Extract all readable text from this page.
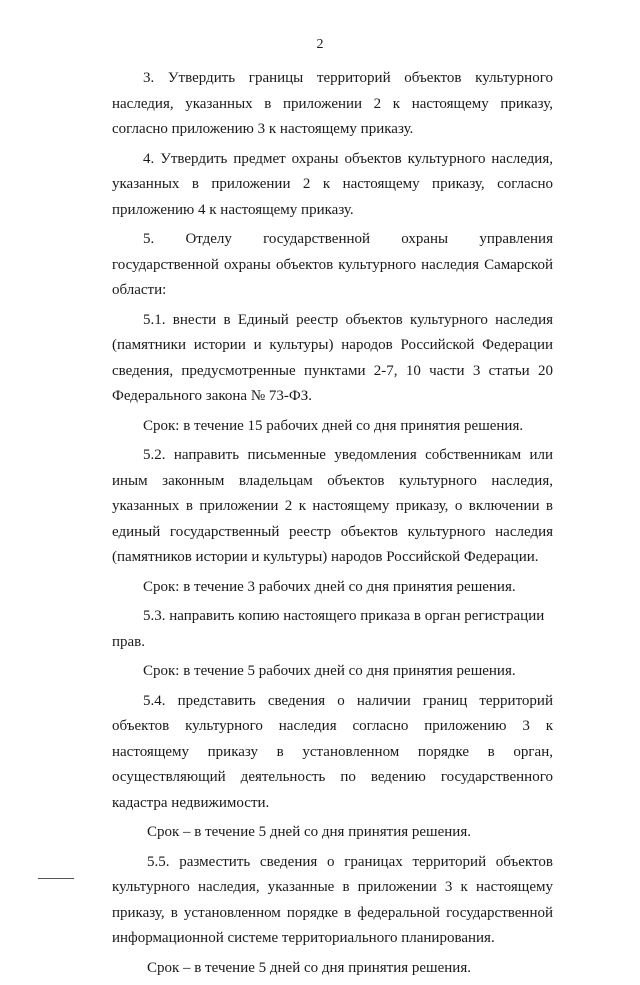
2

3. Утвердить границы территорий объектов культурного наследия, указанных в приложении 2 к настоящему приказу, согласно приложению 3 к настоящему приказу.

4. Утвердить предмет охраны объектов культурного наследия, указанных в приложении 2 к настоящему приказу, согласно приложению 4 к настоящему приказу.

5. Отделу государственной охраны управления государственной охраны объектов культурного наследия Самарской области:

5.1. внести в Единый реестр объектов культурного наследия (памятники истории и культуры) народов Российской Федерации сведения, предусмотренные пунктами 2-7, 10 части 3 статьи 20 Федерального закона № 73-ФЗ.

Срок: в течение 15 рабочих дней со дня принятия решения.

5.2. направить письменные уведомления собственникам или иным законным владельцам объектов культурного наследия, указанных в приложении 2 к настоящему приказу, о включении в единый государственный реестр объектов культурного наследия (памятников истории и культуры) народов Российской Федерации.

Срок: в течение 3 рабочих дней со дня принятия решения.

5.3. направить копию настоящего приказа в орган регистрации прав.

Срок: в течение 5 рабочих дней со дня принятия решения.

5.4. представить сведения о наличии границ территорий объектов культурного наследия согласно приложению 3 к настоящему приказу в установленном порядке в орган, осуществляющий деятельность по ведению государственного кадастра недвижимости.

Срок – в течение 5 дней со дня принятия решения.

5.5. разместить сведения о границах территорий объектов культурного наследия, указанные в приложении 3 к настоящему приказу, в установленном порядке в федеральной государственной информационной системе территориального планирования.

Срок – в течение 5 дней со дня принятия решения.
